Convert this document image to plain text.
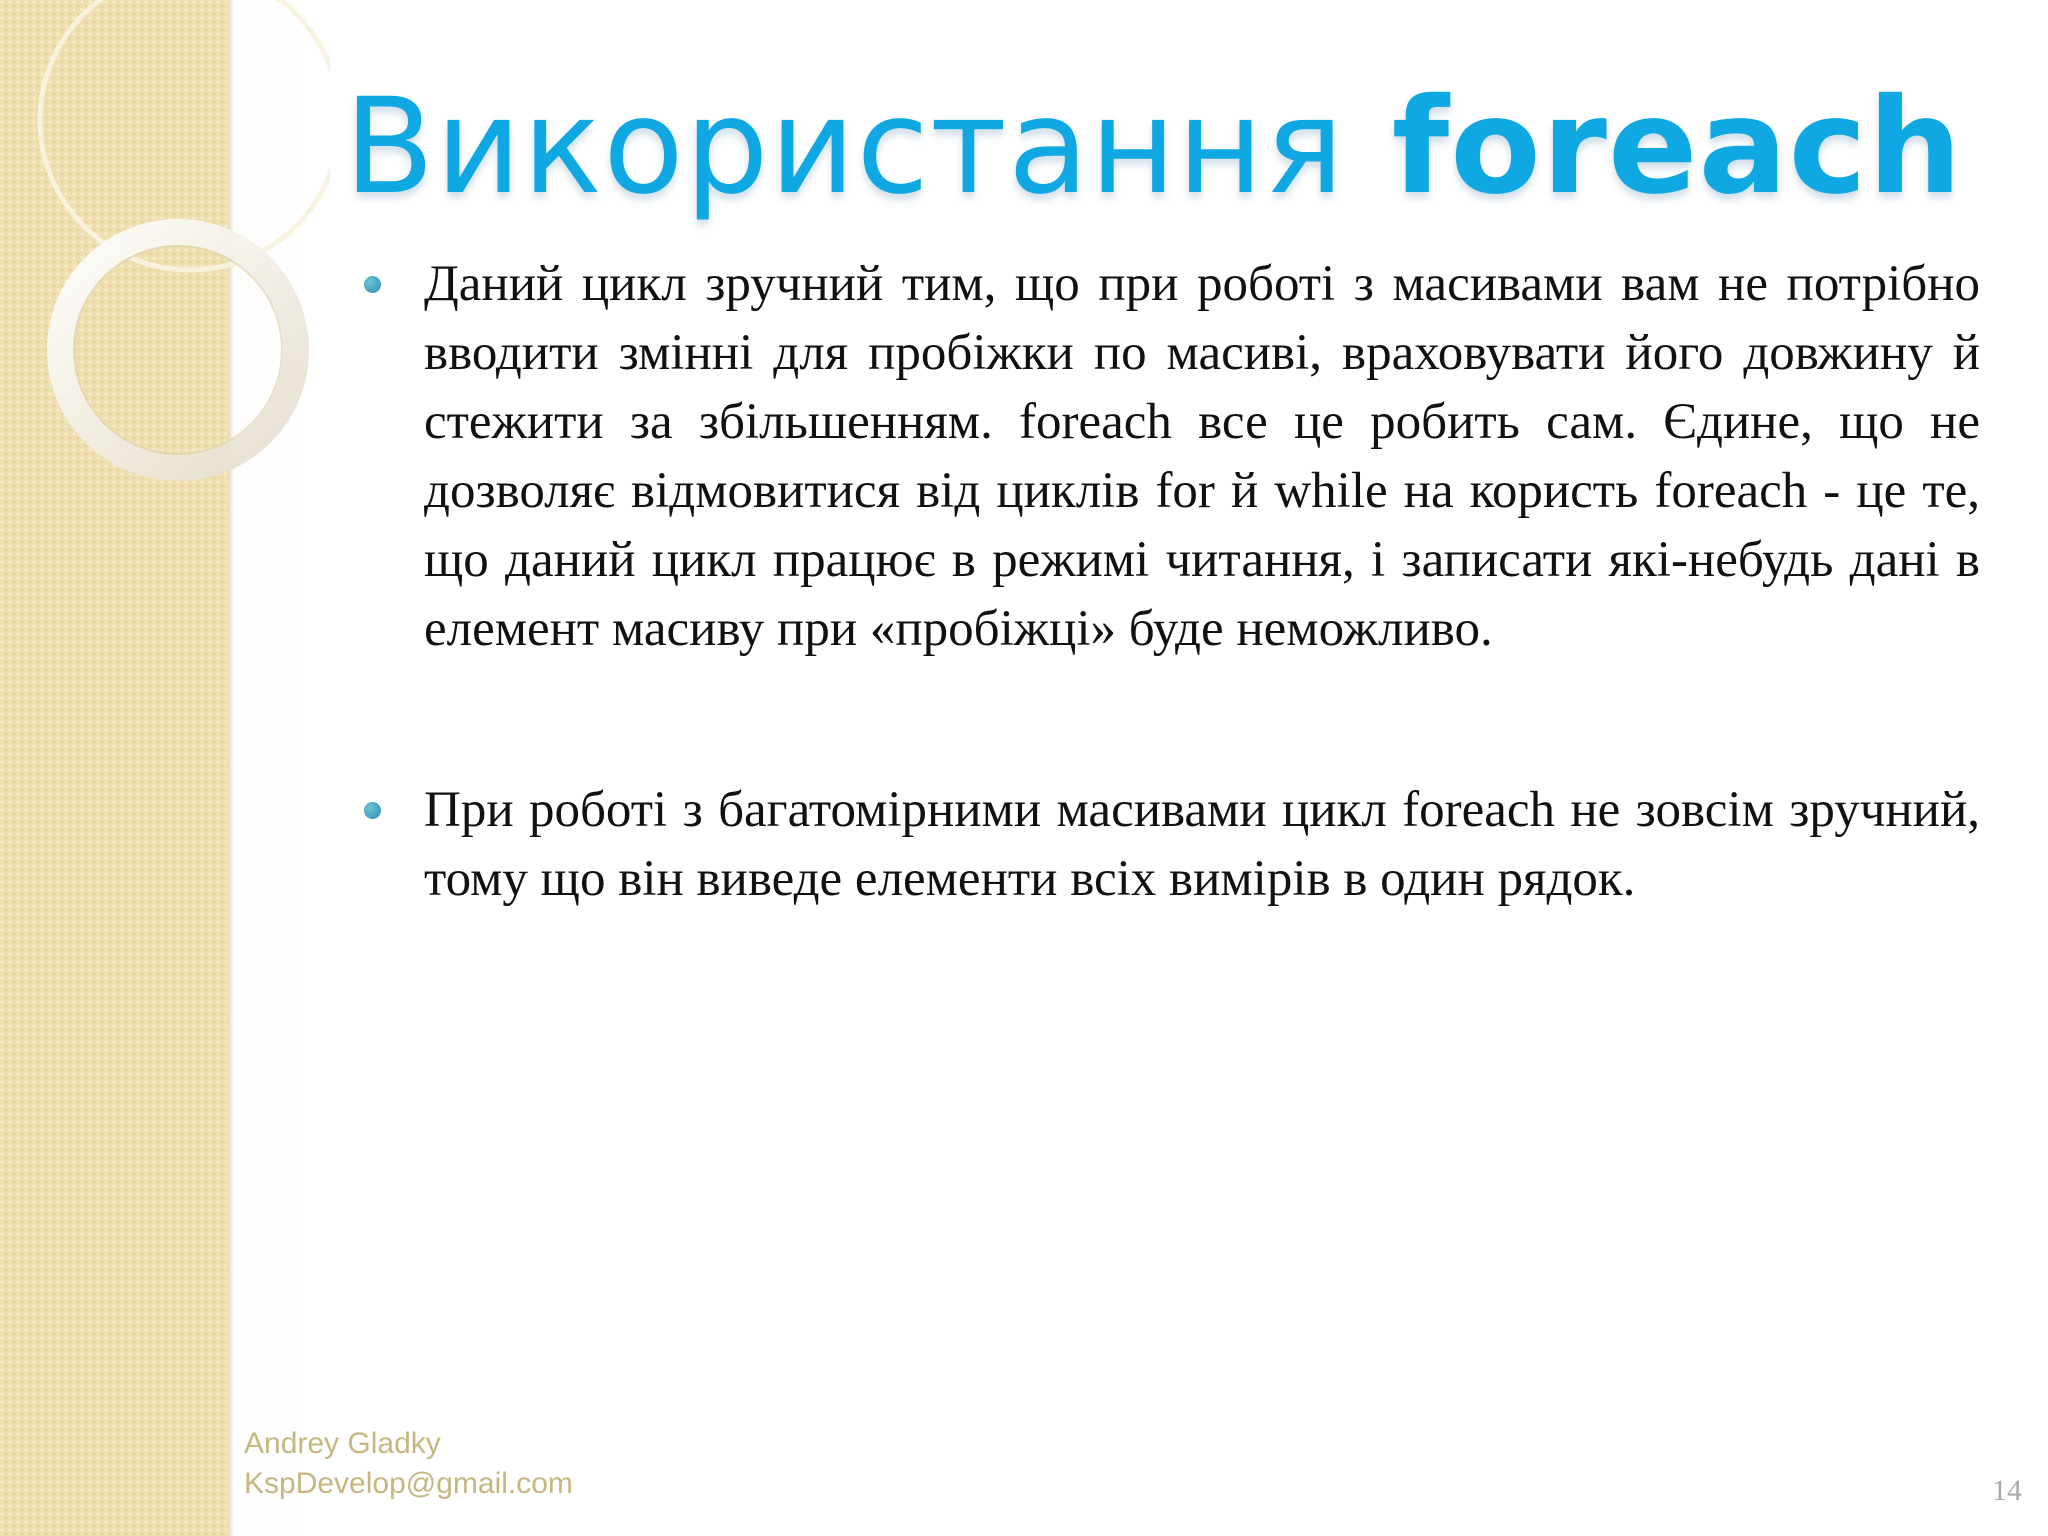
Використання foreach
Даний цикл зручний тим, що при роботі з масивами вам не потрібно вводити змінні для пробіжки по масиві, враховувати його довжину й стежити за збільшенням. foreach все це робить сам. Єдине, що не дозволяє відмовитися від циклів for й while на користь foreach - це те, що даний цикл працює в режимі читання, і записати які-небудь дані в елемент масиву при «пробіжці» буде неможливо.
При роботі з багатомірними масивами цикл foreach не зовсім зручний, тому що він виведе елементи всіх вимірів в один рядок.
Andrey Gladky
KspDevelop@gmail.com	14
